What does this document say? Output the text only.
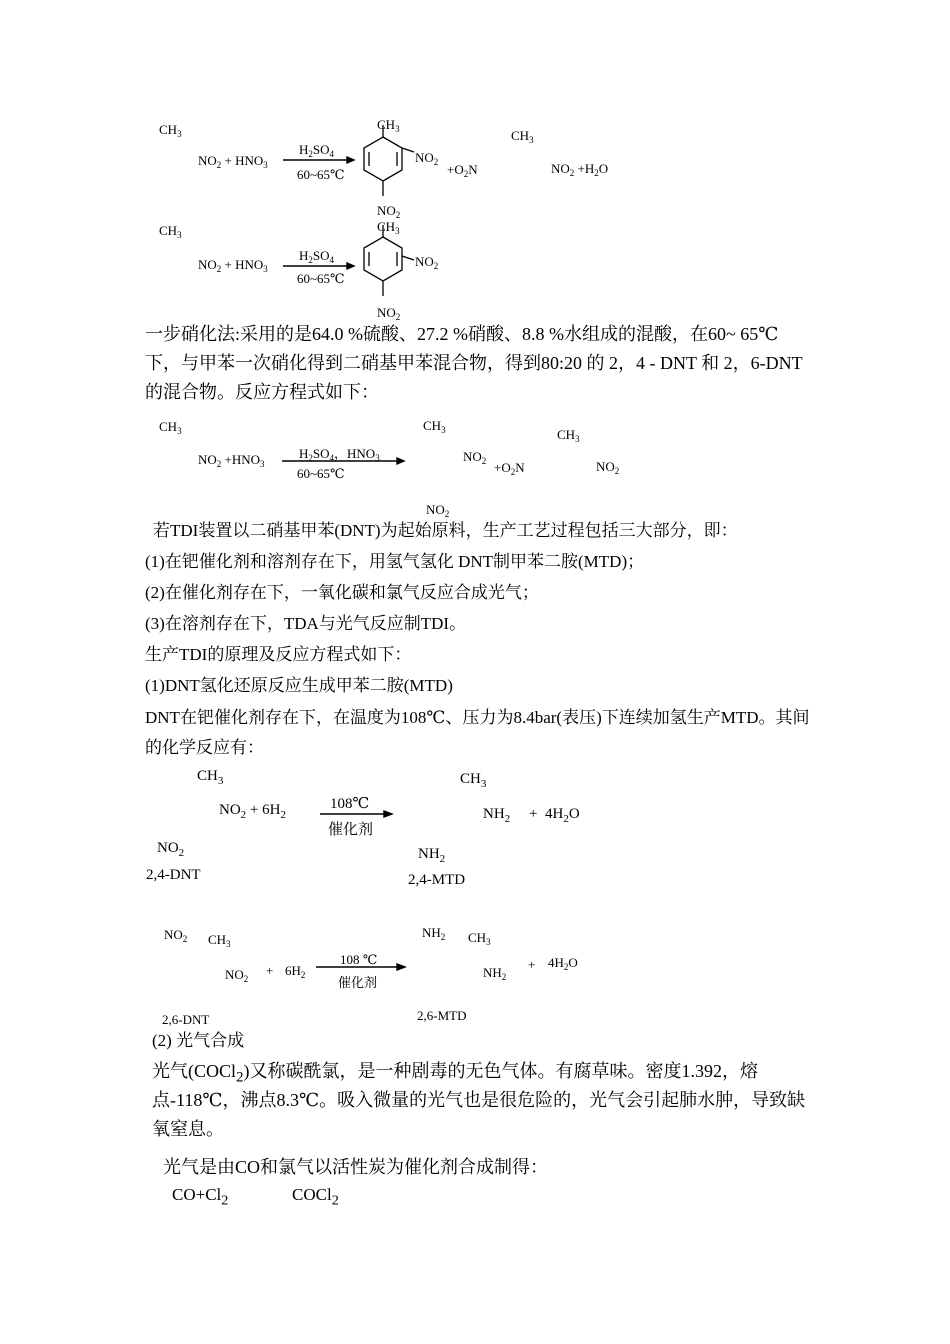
$CH_3$
$NO_2 + HNO_3$
$H_2SO_4$
60~65℃
$CH_3$
$NO_2 +O_2N$
$NO_2$
$CH_3$
$NO_2 +H_2O$
$CH_3$
$NO_2 + HNO_3$
$H_2SO_4$
60~65℃
$CH_3$
$NO_2$
$NO_2$
一步硝化法:采用的是64.0 %硫酸、27.2 %硝酸、8.8 %水组成的混酸，在60~ 65℃下，与甲苯一次硝化得到二硝基甲苯混合物，得到80:20 的 2，4 - DNT 和 2，6-DNT 的混合物。反应方程式如下：
$CH_3$
$NO_2 +HNO_3$
$H_2SO_4$，$HNO_3$
60~65℃
$CH_3$
$NO_2 +O_2N$
$CH_3$
$NO_2$
$NO_2$
若TDI装置以二硝基甲苯(DNT)为起始原料，生产工艺过程包括三大部分，即：
(1)在钯催化剂和溶剂存在下，用氢气氢化 DNT制甲苯二胺(MTD)；
(2)在催化剂存在下，一氧化碳和氯气反应合成光气；
(3)在溶剂存在下，TDA与光气反应制TDI。
生产TDI的原理及反应方程式如下：
(1)DNT氢化还原反应生成甲苯二胺(MTD)
DNT在钯催化剂存在下，在温度为108℃、压力为8.4bar(表压)下连续加氢生产MTD。其间的化学反应有：
$CH_3$
$NO_2 + 6H_2$
108℃
催化剂
$CH_3$
$NH_2 + 4H_2O$
$NO_2$
2,4-DNT
$NH_2$
2,4-MTD
$NO_2$ $CH_3$
$NO_2$
+ $6H_2$
108 ℃
催化剂
$NH_2$ $CH_3$
$NH_2$
+ $4H_2O$
2,6-DNT	2,6-MTD
(2) 光气合成
光气(COCl$_2$)又称碳酰氯，是一种剧毒的无色气体。有腐草味。密度1.392，熔点-118℃，沸点8.3℃。吸入微量的光气也是很危险的，光气会引起肺水肿，导致缺氧窒息。
光气是由CO和氯气以活性炭为催化剂合成制得：
$CO+Cl_2$	COCl$_2$
